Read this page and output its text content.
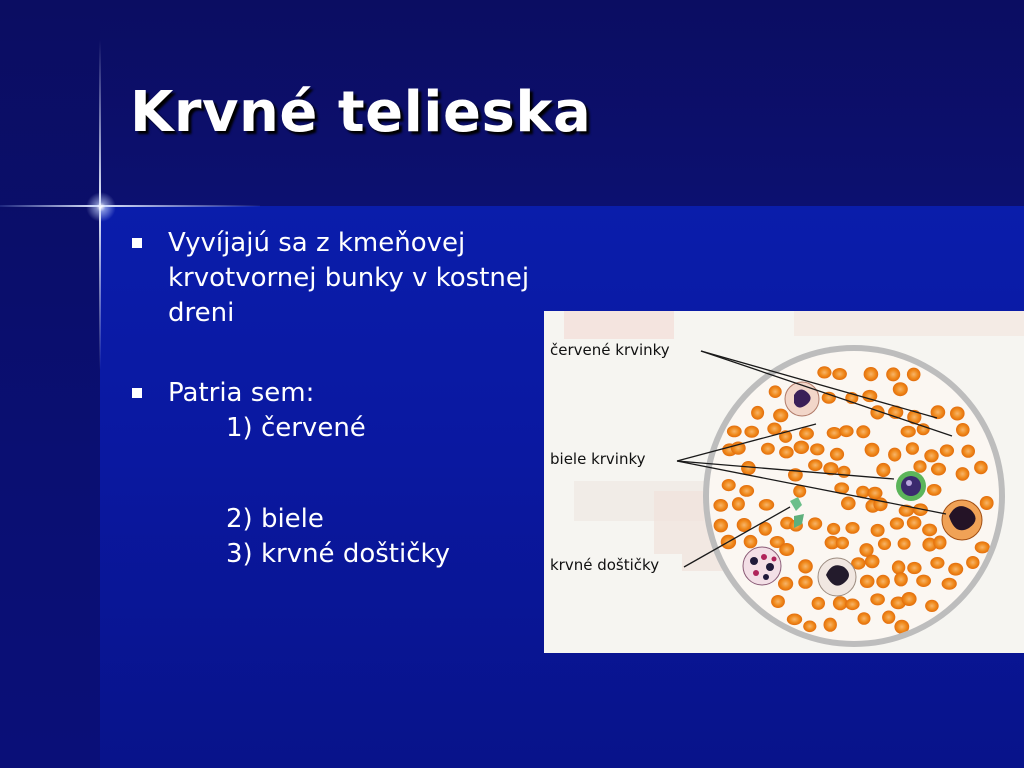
Krvné telieska
Vyvíjajú sa z kmeňovej krvotvornej bunky v kostnej dreni
Patria sem:
1) červené
2) biele
3) krvné doštičky
červené krvinky
biele krvinky
krvné doštičky
